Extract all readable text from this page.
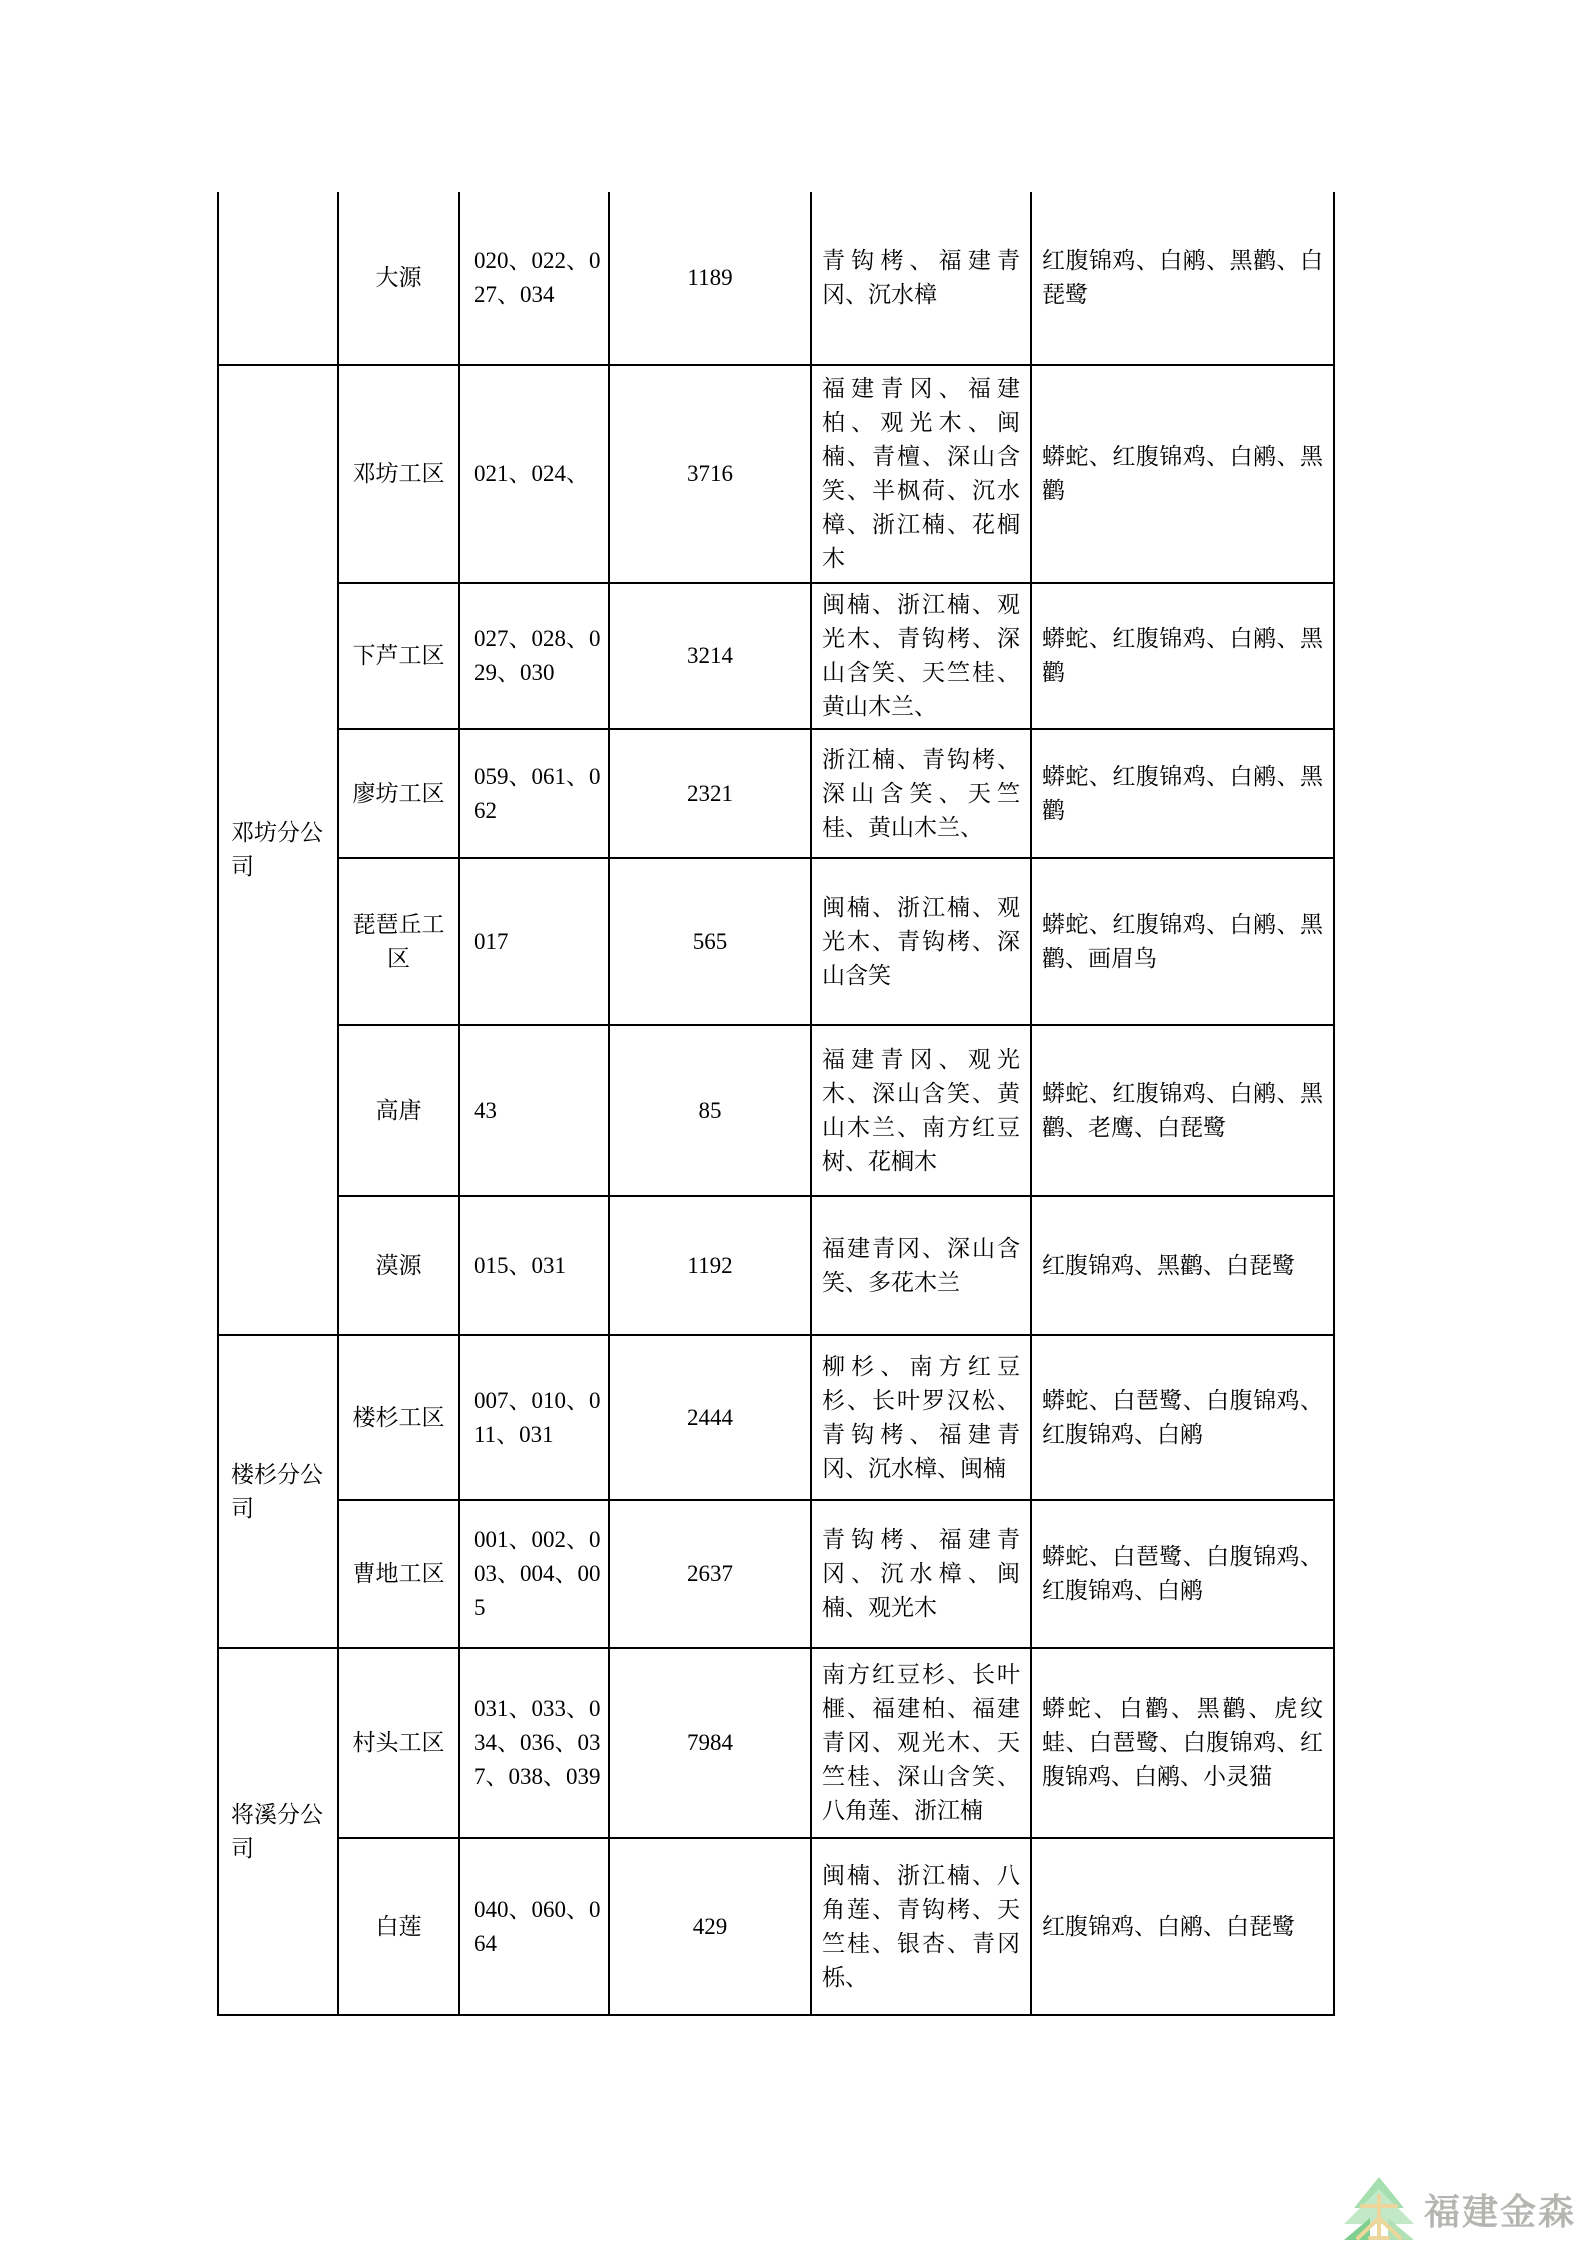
	大源	020、022、027、034	1189	青钩栲、福建青冈、沉水樟	红腹锦鸡、白鹇、黑鹳、白琵鹭
邓坊分公司	邓坊工区	021、024、	3716	福建青冈、福建柏、观光木、闽楠、青檀、深山含笑、半枫荷、沉水樟、浙江楠、花榈木	蟒蛇、红腹锦鸡、白鹇、黑鹳
	下芦工区	027、028、029、030	3214	闽楠、浙江楠、观光木、青钩栲、深山含笑、天竺桂、黄山木兰、	蟒蛇、红腹锦鸡、白鹇、黑鹳
	廖坊工区	059、061、062	2321	浙江楠、青钩栲、深山含笑、天竺桂、黄山木兰、	蟒蛇、红腹锦鸡、白鹇、黑鹳
	琵琶丘工区	017	565	闽楠、浙江楠、观光木、青钩栲、深山含笑	蟒蛇、红腹锦鸡、白鹇、黑鹳、画眉鸟
	高唐	43	85	福建青冈、观光木、深山含笑、黄山木兰、南方红豆树、花榈木	蟒蛇、红腹锦鸡、白鹇、黑鹳、老鹰、白琵鹭
	漠源	015、031	1192	福建青冈、深山含笑、多花木兰	红腹锦鸡、黑鹳、白琵鹭
楼杉分公司	楼杉工区	007、010、011、031	2444	柳杉、南方红豆杉、长叶罗汉松、青钩栲、福建青冈、沉水樟、闽楠	蟒蛇、白琶鹭、白腹锦鸡、红腹锦鸡、白鹇
	曹地工区	001、002、003、004、005	2637	青钩栲、福建青冈、沉水樟、闽楠、观光木	蟒蛇、白琶鹭、白腹锦鸡、红腹锦鸡、白鹇
将溪分公司	村头工区	031、033、034、036、037、038、039	7984	南方红豆杉、长叶榧、福建柏、福建青冈、观光木、天竺桂、深山含笑、八角莲、浙江楠	蟒蛇、白鹳、黑鹳、虎纹蛙、白琶鹭、白腹锦鸡、红腹锦鸡、白鹇、小灵猫
	白莲	040、060、064	429	闽楠、浙江楠、八角莲、青钩栲、天竺桂、银杏、青冈栎、	红腹锦鸡、白鹇、白琵鹭
福建金森
